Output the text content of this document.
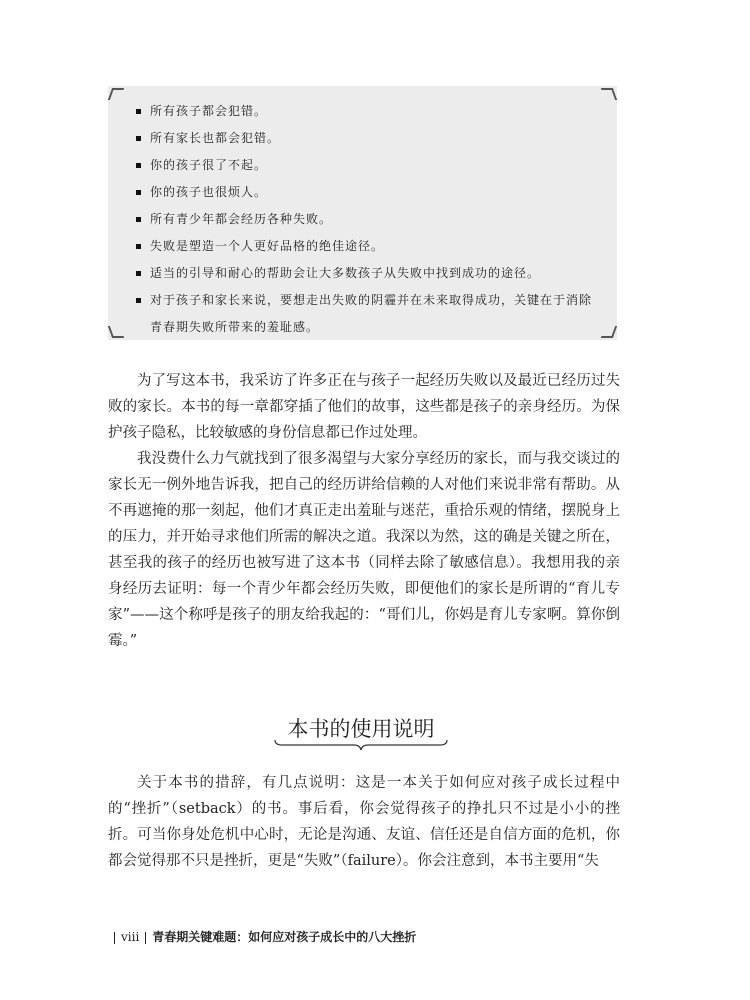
所有孩子都会犯错。
所有家长也都会犯错。
你的孩子很了不起。
你的孩子也很烦人。
所有青少年都会经历各种失败。
失败是塑造一个人更好品格的绝佳途径。
适当的引导和耐心的帮助会让大多数孩子从失败中找到成功的途径。
对于孩子和家长来说，要想走出失败的阴霾并在未来取得成功，关键在于消除青春期失败所带来的羞耻感。

为了写这本书，我采访了许多正在与孩子一起经历失败以及最近已经历过失败的家长。本书的每一章都穿插了他们的故事，这些都是孩子的亲身经历。为保护孩子隐私，比较敏感的身份信息都已作过处理。

我没费什么力气就找到了很多渴望与大家分享经历的家长，而与我交谈过的家长无一例外地告诉我，把自己的经历讲给信赖的人对他们来说非常有帮助。从不再遮掩的那一刻起，他们才真正走出羞耻与迷茫，重拾乐观的情绪，摆脱身上的压力，并开始寻求他们所需的解决之道。我深以为然，这的确是关键之所在，甚至我的孩子的经历也被写进了这本书（同样去除了敏感信息）。我想用我的亲身经历去证明：每一个青少年都会经历失败，即便他们的家长是所谓的“育儿专家”——这个称呼是孩子的朋友给我起的：“哥们儿，你妈是育儿专家啊。算你倒霉。”

本书的使用说明

关于本书的措辞，有几点说明：这是一本关于如何应对孩子成长过程中的“挫折”（setback）的书。事后看，你会觉得孩子的挣扎只不过是小小的挫折。可当你身处危机中心时，无论是沟通、友谊、信任还是自信方面的危机，你都会觉得那不只是挫折，更是“失败”（failure）。你会注意到，本书主要用“失

viii 青春期关键难题：如何应对孩子成长中的八大挫折
